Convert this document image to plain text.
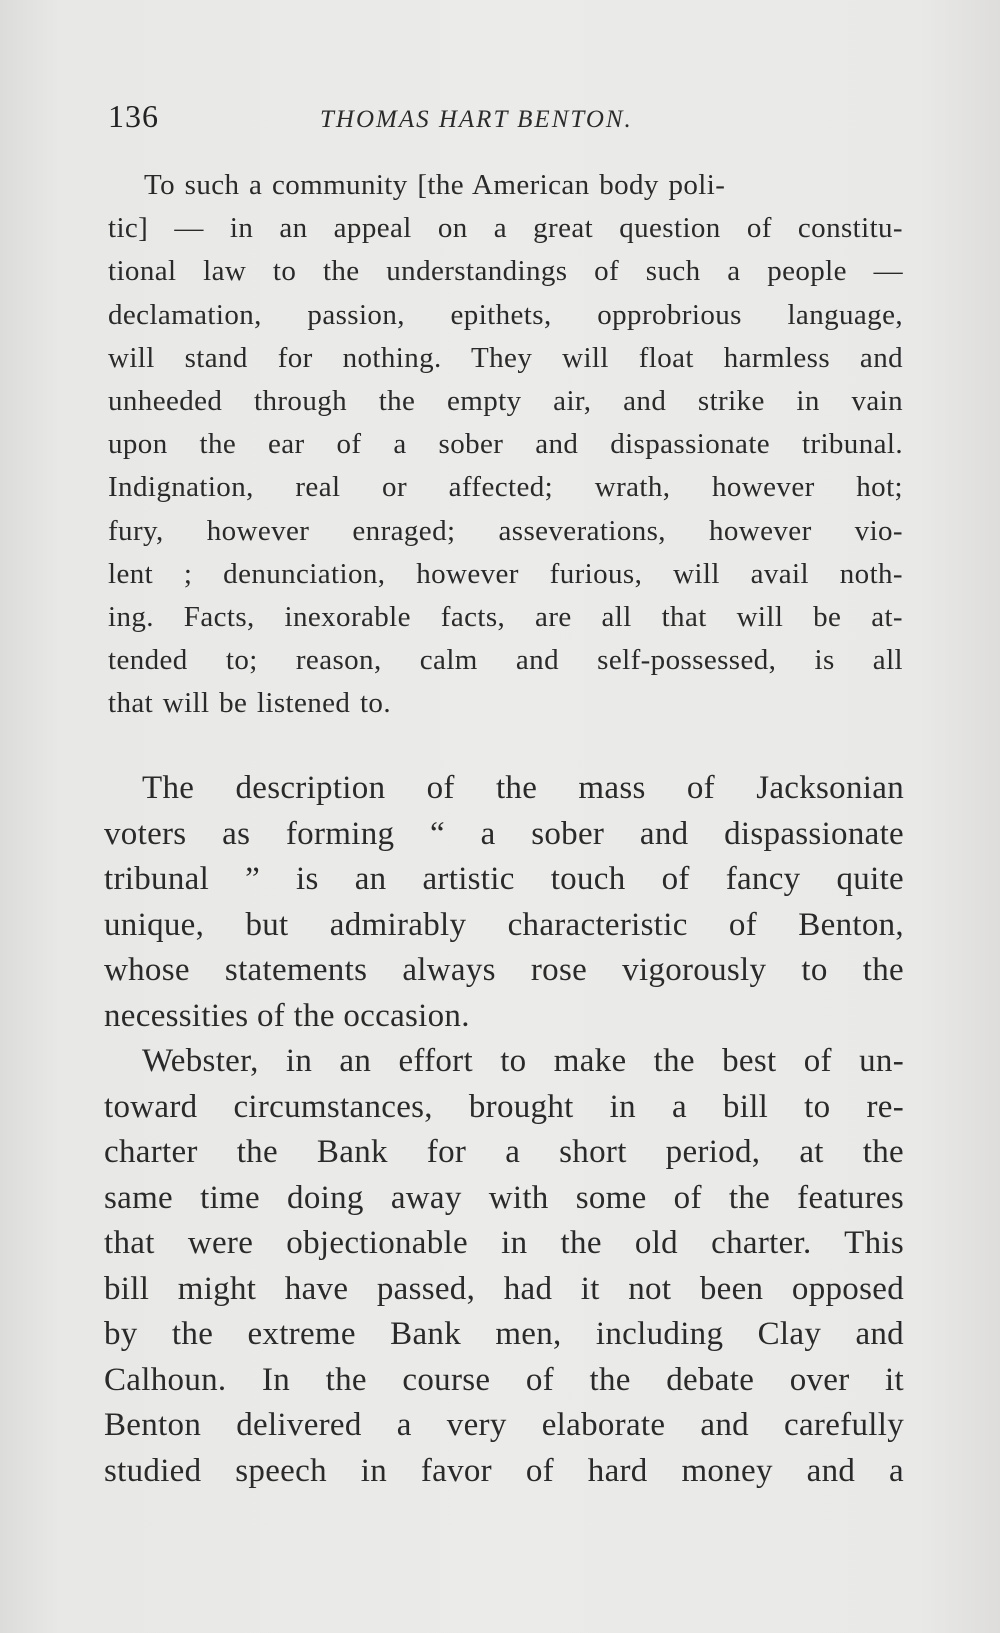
136	THOMAS HART BENTON.
To such a community [the American body poli-
tic] — in an appeal on a great question of constitu-
tional law to the understandings of such a people —
declamation, passion, epithets, opprobrious language,
will stand for nothing. They will float harmless and
unheeded through the empty air, and strike in vain
upon the ear of a sober and dispassionate tribunal.
Indignation, real or affected; wrath, however hot;
fury, however enraged; asseverations, however vio-
lent ; denunciation, however furious, will avail noth-
ing. Facts, inexorable facts, are all that will be at-
tended to; reason, calm and self-possessed, is all
that will be listened to.
The description of the mass of Jacksonian
voters as forming “ a sober and dispassionate
tribunal ” is an artistic touch of fancy quite
unique, but admirably characteristic of Benton,
whose statements always rose vigorously to the
necessities of the occasion.
Webster, in an effort to make the best of un-
toward circumstances, brought in a bill to re-
charter the Bank for a short period, at the
same time doing away with some of the features
that were objectionable in the old charter. This
bill might have passed, had it not been opposed
by the extreme Bank men, including Clay and
Calhoun. In the course of the debate over it
Benton delivered a very elaborate and carefully
studied speech in favor of hard money and a
